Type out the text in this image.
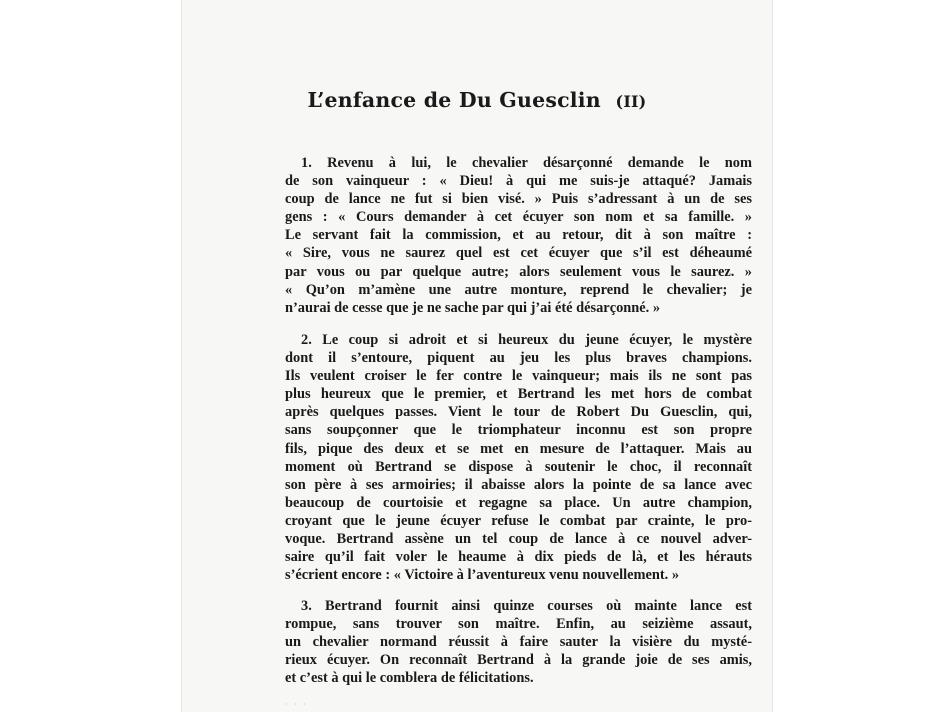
L’enfance de Du Guesclin (II)
1. Revenu à lui, le chevalier désarçonné demande le nom
de son vainqueur : « Dieu! à qui me suis-je attaqué? Jamais
coup de lance ne fut si bien visé. » Puis s’adressant à un de ses
gens : « Cours demander à cet écuyer son nom et sa famille. »
Le servant fait la commission, et au retour, dit à son maître :
« Sire, vous ne saurez quel est cet écuyer que s’il est déheaumé
par vous ou par quelque autre; alors seulement vous le saurez. »
« Qu’on m’amène une autre monture, reprend le chevalier; je
n’aurai de cesse que je ne sache par qui j’ai été désarçonné. »
2. Le coup si adroit et si heureux du jeune écuyer, le mystère
dont il s’entoure, piquent au jeu les plus braves champions.
Ils veulent croiser le fer contre le vainqueur; mais ils ne sont pas
plus heureux que le premier, et Bertrand les met hors de combat
après quelques passes. Vient le tour de Robert Du Guesclin, qui,
sans soupçonner que le triomphateur inconnu est son propre
fils, pique des deux et se met en mesure de l’attaquer. Mais au
moment où Bertrand se dispose à soutenir le choc, il reconnaît
son père à ses armoiries; il abaisse alors la pointe de sa lance avec
beaucoup de courtoisie et regagne sa place. Un autre champion,
croyant que le jeune écuyer refuse le combat par crainte, le pro-
voque. Bertrand assène un tel coup de lance à ce nouvel adver-
saire qu’il fait voler le heaume à dix pieds de là, et les hérauts
s’écrient encore : « Victoire à l’aventureux venu nouvellement. »
3. Bertrand fournit ainsi quinze courses où mainte lance est
rompue, sans trouver son maître. Enfin, au seizième assaut,
un chevalier normand réussit à faire sauter la visière du mysté-
rieux écuyer. On reconnaît Bertrand à la grande joie de ses amis,
et c’est à qui le comblera de félicitations.
· · ·
